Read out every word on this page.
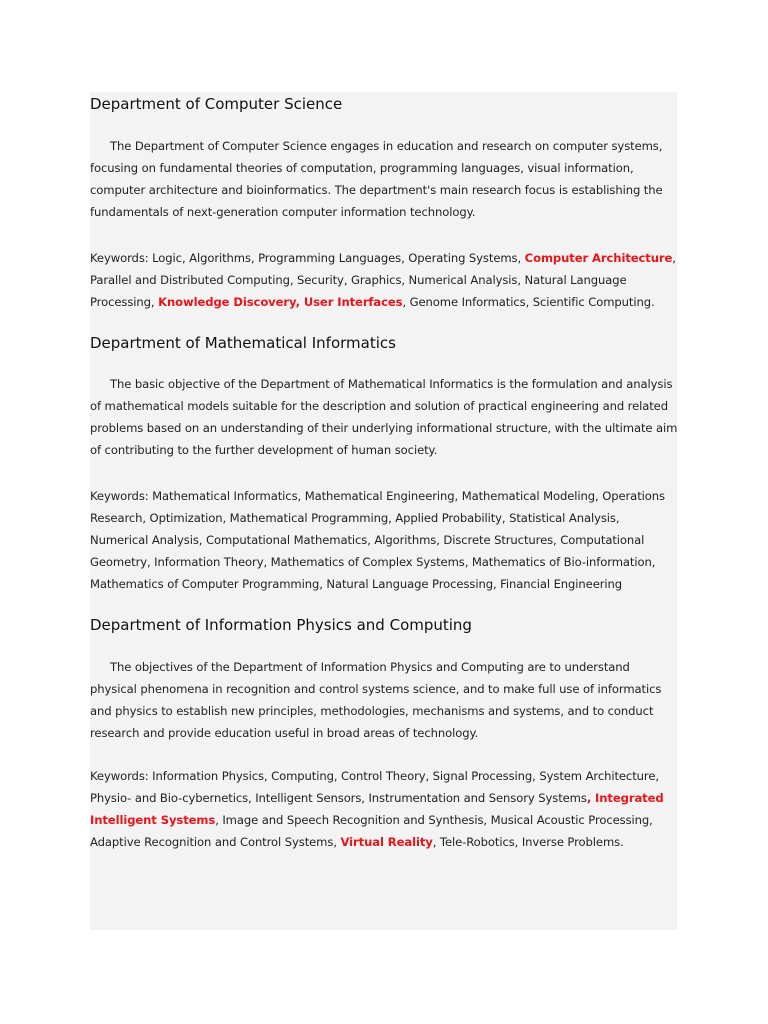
Department of Computer Science

The Department of Computer Science engages in education and research on computer systems, focusing on fundamental theories of computation, programming languages, visual information, computer architecture and bioinformatics. The department's main research focus is establishing the fundamentals of next-generation computer information technology.

Keywords: Logic, Algorithms, Programming Languages, Operating Systems, Computer Architecture, Parallel and Distributed Computing, Security, Graphics, Numerical Analysis, Natural Language Processing, Knowledge Discovery, User Interfaces, Genome Informatics, Scientific Computing.

Department of Mathematical Informatics

The basic objective of the Department of Mathematical Informatics is the formulation and analysis of mathematical models suitable for the description and solution of practical engineering and related problems based on an understanding of their underlying informational structure, with the ultimate aim of contributing to the further development of human society.

Keywords: Mathematical Informatics, Mathematical Engineering, Mathematical Modeling, Operations Research, Optimization, Mathematical Programming, Applied Probability, Statistical Analysis, Numerical Analysis, Computational Mathematics, Algorithms, Discrete Structures, Computational Geometry, Information Theory, Mathematics of Complex Systems, Mathematics of Bio-information, Mathematics of Computer Programming, Natural Language Processing, Financial Engineering

Department of Information Physics and Computing

The objectives of the Department of Information Physics and Computing are to understand physical phenomena in recognition and control systems science, and to make full use of informatics and physics to establish new principles, methodologies, mechanisms and systems, and to conduct research and provide education useful in broad areas of technology.

Keywords: Information Physics, Computing, Control Theory, Signal Processing, System Architecture, Physio- and Bio-cybernetics, Intelligent Sensors, Instrumentation and Sensory Systems, Integrated Intelligent Systems, Image and Speech Recognition and Synthesis, Musical Acoustic Processing, Adaptive Recognition and Control Systems, Virtual Reality, Tele-Robotics, Inverse Problems.
